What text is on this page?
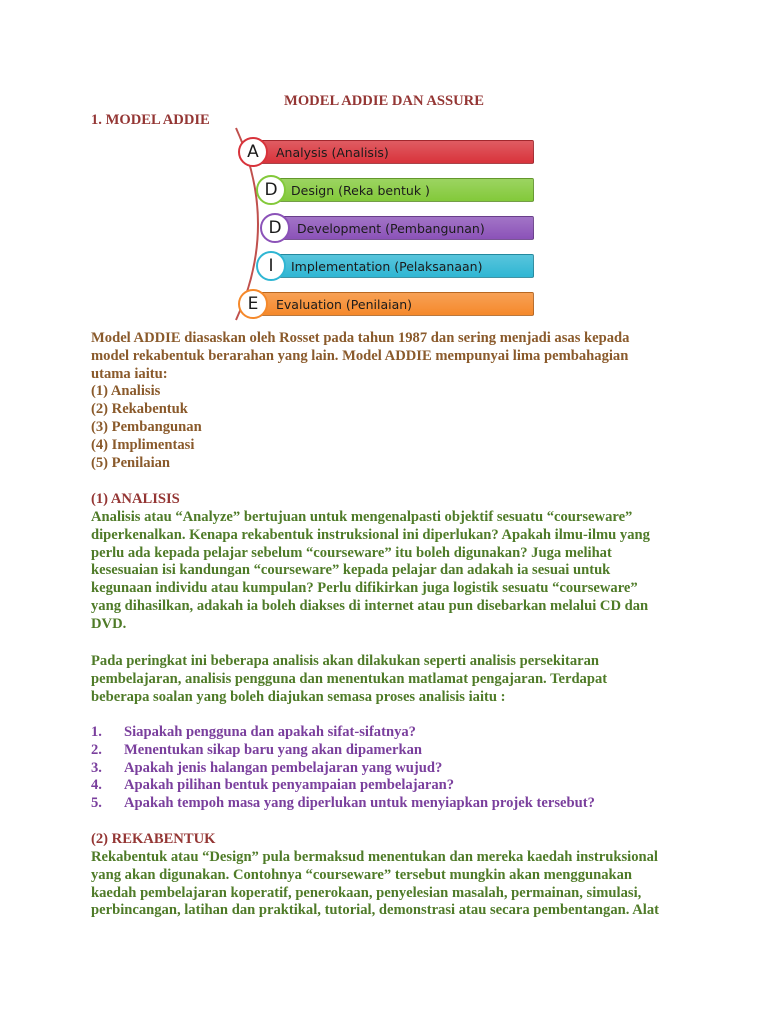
MODEL ADDIE DAN ASSURE
1. MODEL ADDIE
Analysis (Analisis)
A
Design (Reka bentuk )
D
Development (Pembangunan)
D
Implementation (Pelaksanaan)
I
Evaluation (Penilaian)
E
Model ADDIE diasaskan oleh Rosset pada tahun 1987 dan sering menjadi asas kepada
model rekabentuk berarahan yang lain. Model ADDIE mempunyai lima pembahagian
utama iaitu:
(1) Analisis
(2) Rekabentuk
(3) Pembangunan
(4) Implimentasi
(5) Penilaian
(1) ANALISIS
Analisis atau “Analyze” bertujuan untuk mengenalpasti objektif sesuatu “courseware”
diperkenalkan. Kenapa rekabentuk instruksional ini diperlukan? Apakah ilmu-ilmu yang
perlu ada kepada pelajar sebelum “courseware” itu boleh digunakan? Juga melihat
kesesuaian isi kandungan “courseware” kepada pelajar dan adakah ia sesuai untuk
kegunaan individu atau kumpulan? Perlu difikirkan juga logistik sesuatu “courseware”
yang dihasilkan, adakah ia boleh diakses di internet atau pun disebarkan melalui CD dan
DVD.
Pada peringkat ini beberapa analisis akan dilakukan seperti analisis persekitaran
pembelajaran, analisis pengguna dan menentukan matlamat pengajaran. Terdapat
beberapa soalan yang boleh diajukan semasa proses analisis iaitu :
1.	Siapakah pengguna dan apakah sifat-sifatnya?
2.	Menentukan sikap baru yang akan dipamerkan
3.	Apakah jenis halangan pembelajaran yang wujud?
4.	Apakah pilihan bentuk penyampaian pembelajaran?
5.	Apakah tempoh masa yang diperlukan untuk menyiapkan projek tersebut?
(2) REKABENTUK
Rekabentuk atau “Design” pula bermaksud menentukan dan mereka kaedah instruksional
yang akan digunakan. Contohnya “courseware” tersebut mungkin akan menggunakan
kaedah pembelajaran koperatif, penerokaan, penyelesian masalah, permainan, simulasi,
perbincangan, latihan dan praktikal, tutorial, demonstrasi atau secara pembentangan. Alat
